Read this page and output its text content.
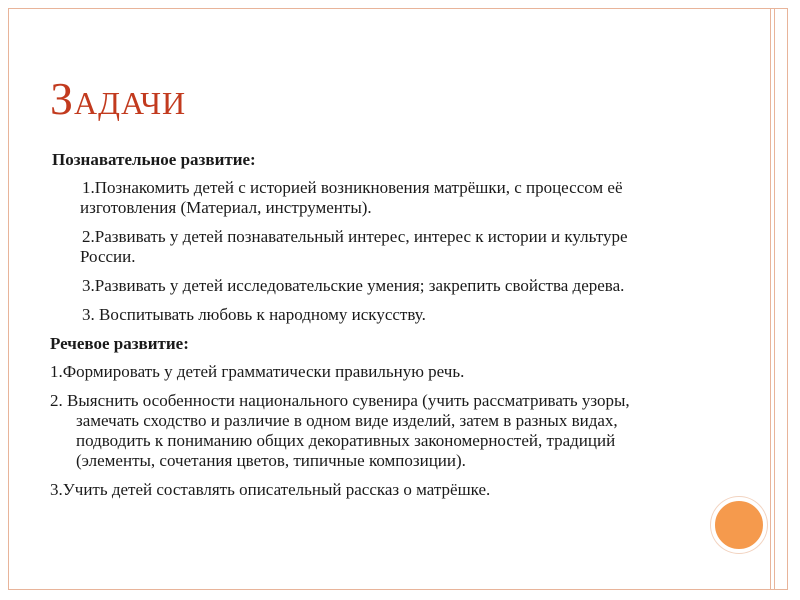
Задачи

Познавательное развитие:

1.Познакомить детей с историей возникновения матрёшки, с процессом её
изготовления (Материал, инструменты).
2.Развивать у детей познавательный интерес, интерес к истории и культуре
России.
3.Развивать у детей исследовательские умения; закрепить свойства дерева.
3. Воспитывать любовь к народному искусству.

Речевое развитие:

1.Формировать у детей грамматически правильную речь.
2. Выяснить особенности национального сувенира (учить рассматривать узоры,
замечать сходство и различие в одном виде изделий, затем в разных видах,
подводить к пониманию общих декоративных закономерностей, традиций
(элементы, сочетания цветов, типичные композиции).
3.Учить детей составлять описательный рассказ о матрёшке.
